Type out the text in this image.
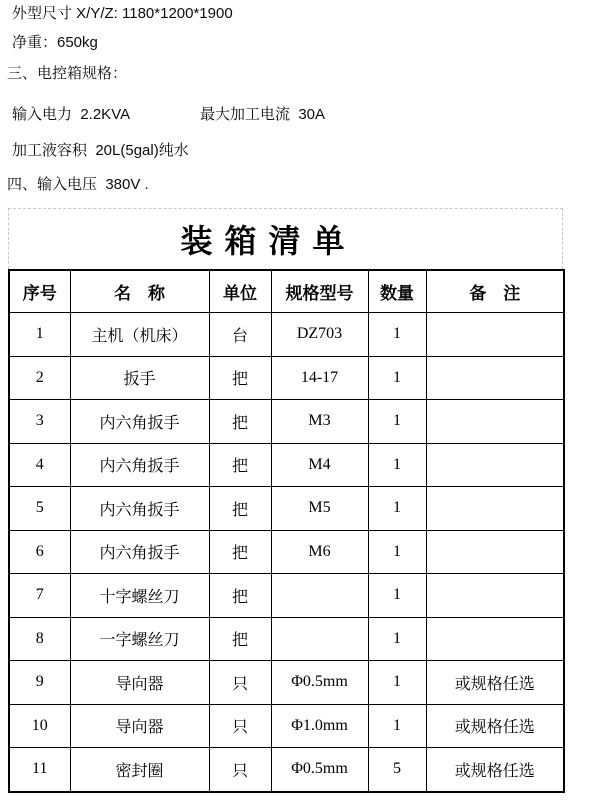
外型尺寸 X/Y/Z: 1180*1200*1900
净重：650kg
三、电控箱规格：

输入电力  2.2KVA

	最大加工电流  30A

加工液容积  20L(5gal)纯水
四、输入电压  380V .
装 箱 清 单
序号	名　称	单位	规格型号	数量	备　注
1	主机（机床）	台	DZ703	1	
2	扳手	把	14-17	1	
3	内六角扳手	把	M3	1	
4	内六角扳手	把	M4	1	
5	内六角扳手	把	M5	1	
6	内六角扳手	把	M6	1	
7	十字螺丝刀	把		1	
8	一字螺丝刀	把		1	
9	导向器	只	Φ0.5mm	1	或规格任选
10	导向器	只	Φ1.0mm	1	或规格任选
11	密封圈	只	Φ0.5mm	5	或规格任选
